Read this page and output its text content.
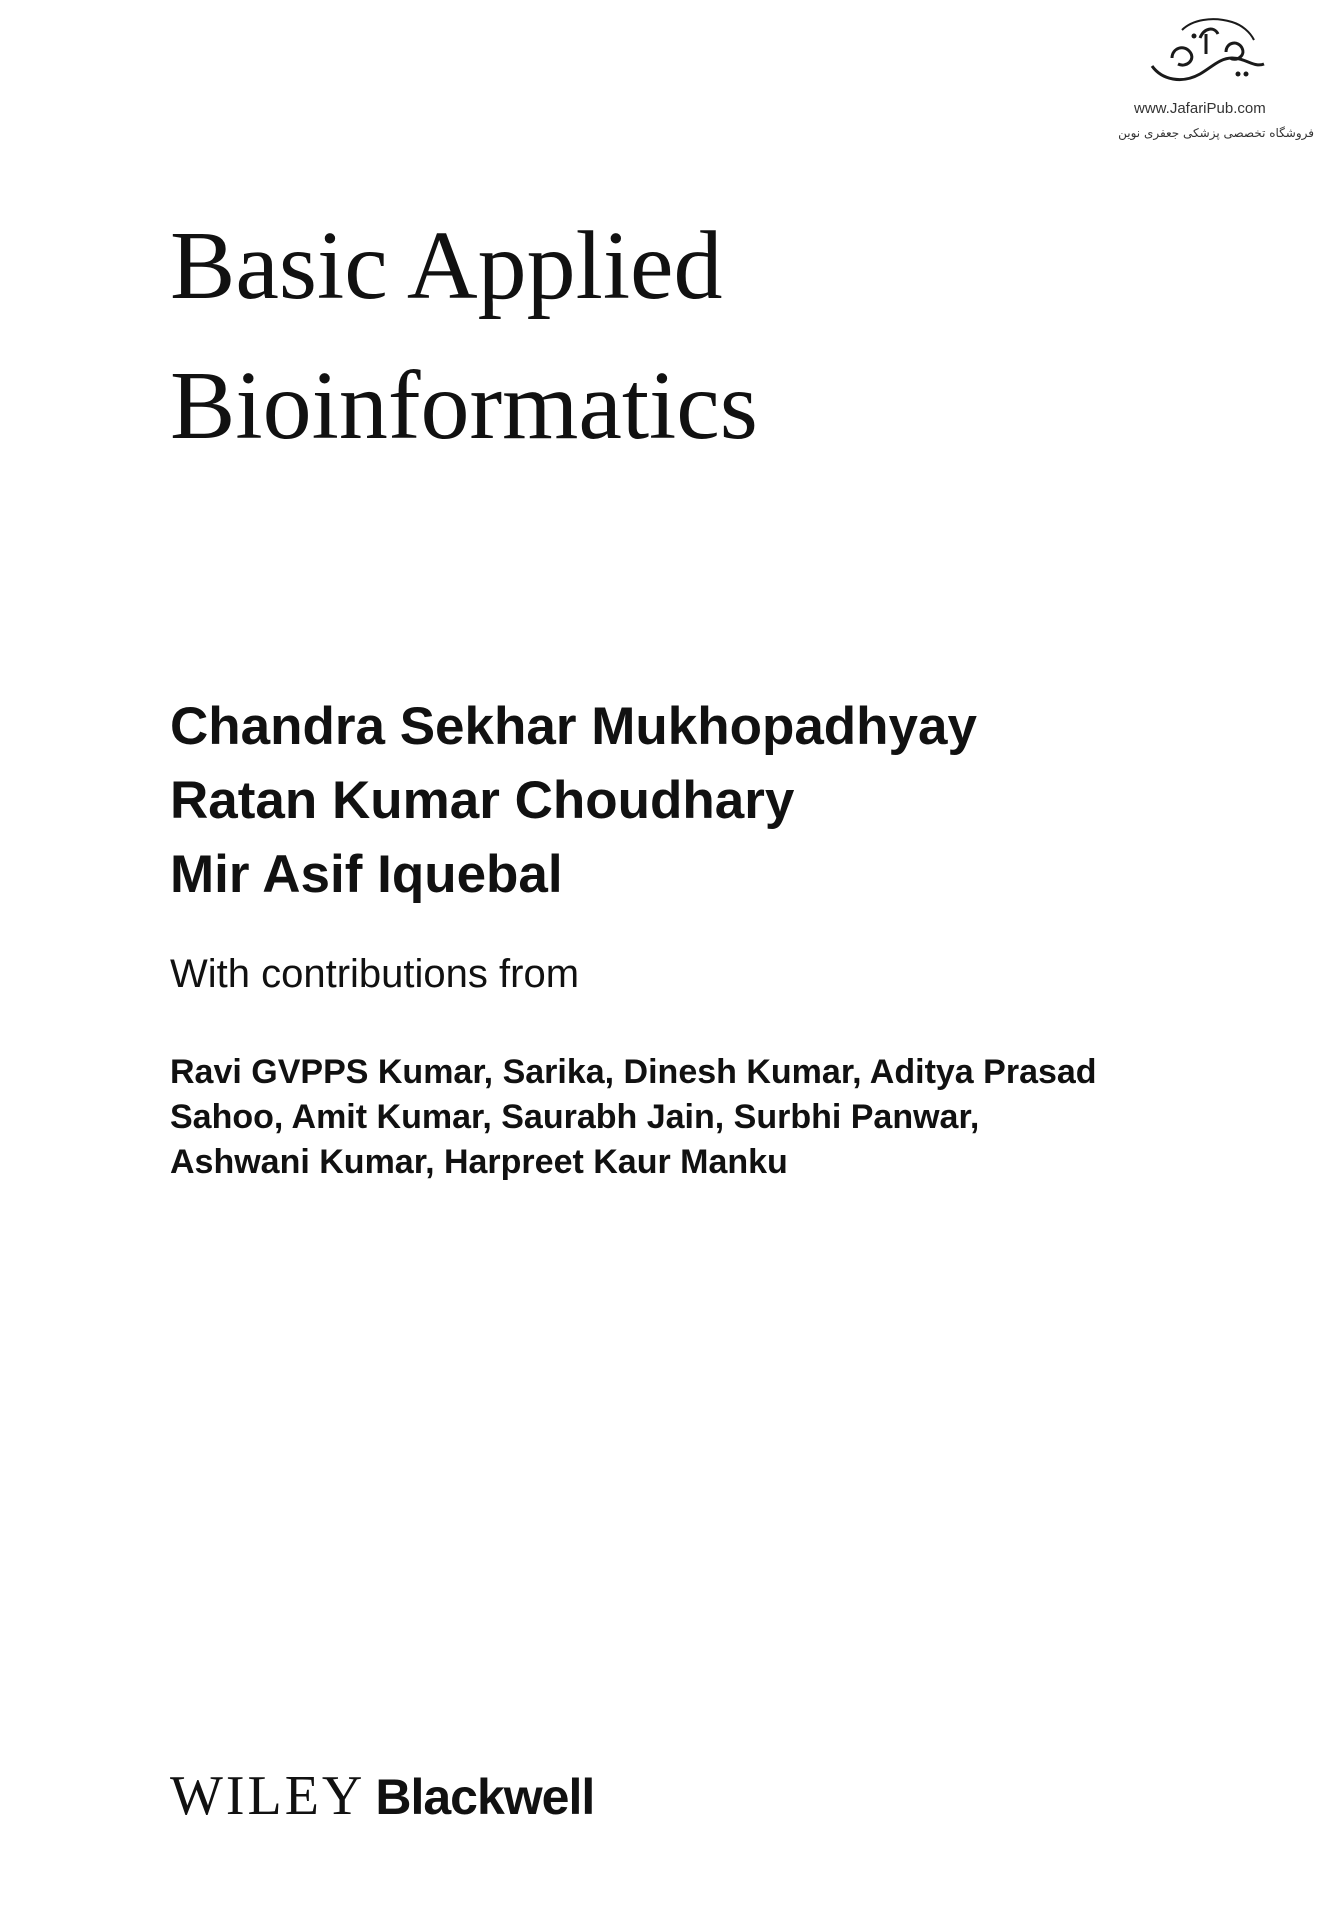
www.JafariPub.com
فروشگاه تخصصی پزشکی جعفری نوین
Basic Applied
Bioinformatics
Chandra Sekhar Mukhopadhyay
Ratan Kumar Choudhary
Mir Asif Iquebal
With contributions from
Ravi GVPPS Kumar, Sarika, Dinesh Kumar, Aditya Prasad
Sahoo, Amit Kumar, Saurabh Jain, Surbhi Panwar,
Ashwani Kumar, Harpreet Kaur Manku
WILEY Blackwell
